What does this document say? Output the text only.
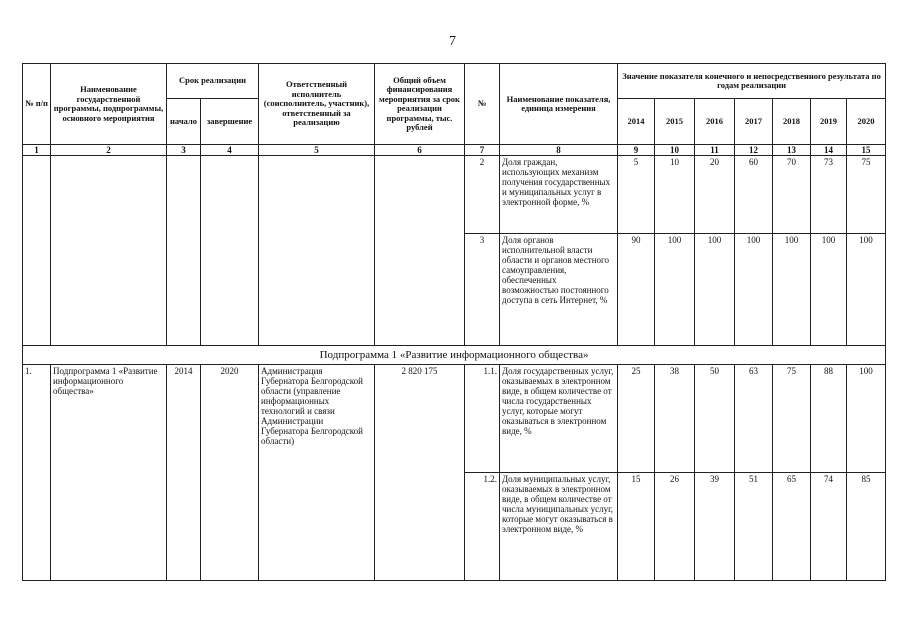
7
№ п/п	Наименование государственной программы, подпрограммы, основного мероприятия	Срок реализации		Ответственный исполнитель (соисполнитель, участник), ответственный за реализацию	Общий объем финансирования мероприятия за срок реализации программы, тыс. рублей	№	Наименование показателя, единица измерения	Значение показателя конечного и непосредственного результата по годам реализации						
		начало	завершение					2014	2015	2016	2017	2018	2019	2020
1	2	3	4	5	6	7	8	9	10	11	12	13	14	15
						2	Доля граждан, использующих механизм получения государственных и муниципальных услуг в электронной форме, %	5	10	20	60	70	73	75
						3	Доля органов исполнительной власти области и органов местного самоуправления, обеспеченных возможностью постоянного доступа в сеть Интернет, %	90	100	100	100	100	100	100
Подпрограмма 1 «Развитие информационного общества»														
1.	Подпрограмма 1 «Развитие информационного общества»	2014	2020	Администрация Губернатора Белгородской области (управление информационных технологий и связи Администрации Губернатора Белгородской области)	2 820 175	1.1.	Доля государственных услуг, оказываемых в электронном виде, в общем количестве от числа государственных услуг, которые могут оказываться в электронном виде, %	25	38	50	63	75	88	100
						1.2.	Доля муниципальных услуг, оказываемых в электронном виде, в общем количестве от числа муниципальных услуг, которые могут оказываться в электронном виде, %	15	26	39	51	65	74	85
